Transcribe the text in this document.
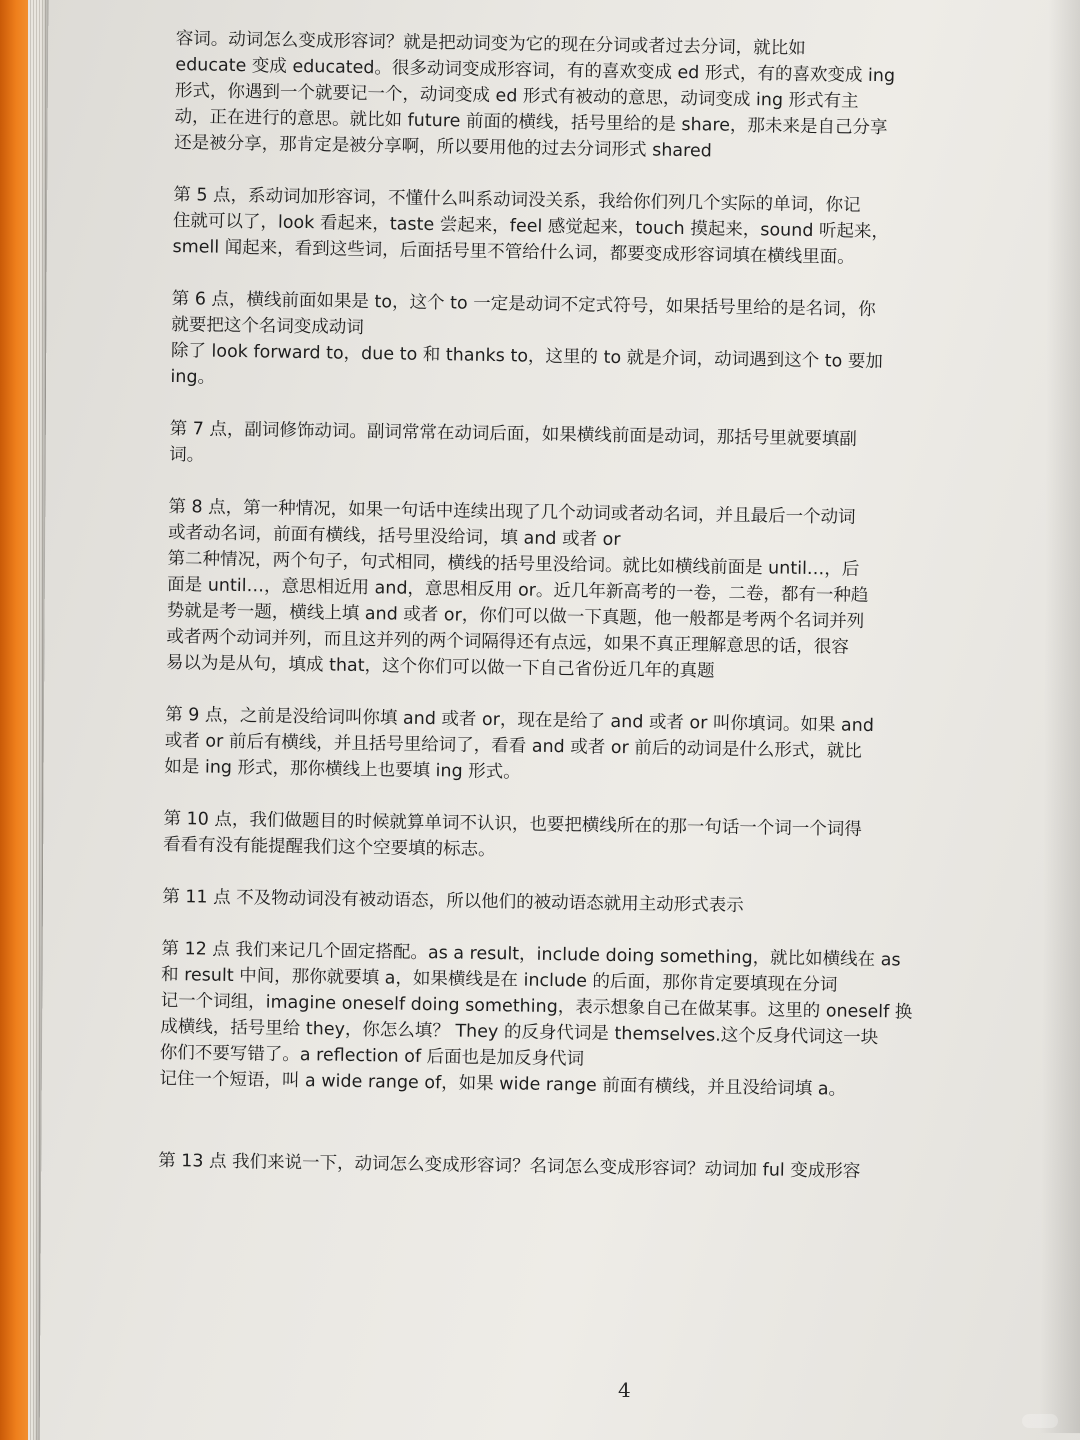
容词。动词怎么变成形容词？就是把动词变为它的现在分词或者过去分词，就比如
educate 变成 educated。很多动词变成形容词，有的喜欢变成 ed 形式，有的喜欢变成 ing
形式，你遇到一个就要记一个，动词变成 ed 形式有被动的意思，动词变成 ing 形式有主
动，正在进行的意思。就比如 future 前面的横线，括号里给的是 share，那未来是自己分享
还是被分享，那肯定是被分享啊，所以要用他的过去分词形式 shared
第 5 点，系动词加形容词，不懂什么叫系动词没关系，我给你们列几个实际的单词，你记
住就可以了，look 看起来，taste 尝起来，feel 感觉起来，touch 摸起来，sound 听起来，
smell 闻起来，看到这些词，后面括号里不管给什么词，都要变成形容词填在横线里面。
第 6 点，横线前面如果是 to，这个 to 一定是动词不定式符号，如果括号里给的是名词，你
就要把这个名词变成动词
除了 look forward to，due to 和 thanks to，这里的 to 就是介词，动词遇到这个 to 要加
ing。
第 7 点，副词修饰动词。副词常常在动词后面，如果横线前面是动词，那括号里就要填副
词。
第 8 点，第一种情况，如果一句话中连续出现了几个动词或者动名词，并且最后一个动词
或者动名词，前面有横线，括号里没给词，填 and 或者 or
第二种情况，两个句子，句式相同，横线的括号里没给词。就比如横线前面是 until…，后
面是 until…，意思相近用 and，意思相反用 or。近几年新高考的一卷，二卷，都有一种趋
势就是考一题，横线上填 and 或者 or，你们可以做一下真题，他一般都是考两个名词并列
或者两个动词并列，而且这并列的两个词隔得还有点远，如果不真正理解意思的话，很容
易以为是从句，填成 that，这个你们可以做一下自己省份近几年的真题
第 9 点，之前是没给词叫你填 and 或者 or，现在是给了 and 或者 or 叫你填词。如果 and
或者 or 前后有横线，并且括号里给词了，看看 and 或者 or 前后的动词是什么形式，就比
如是 ing 形式，那你横线上也要填 ing 形式。
第 10 点，我们做题目的时候就算单词不认识，也要把横线所在的那一句话一个词一个词得
看看有没有能提醒我们这个空要填的标志。
第 11 点 不及物动词没有被动语态，所以他们的被动语态就用主动形式表示
第 12 点 我们来记几个固定搭配。as a result，include doing something，就比如横线在 as
和 result 中间，那你就要填 a，如果横线是在 include 的后面，那你肯定要填现在分词
记一个词组，imagine oneself doing something，表示想象自己在做某事。这里的 oneself 换
成横线，括号里给 they，你怎么填？ They 的反身代词是 themselves.这个反身代词这一块
你们不要写错了。a reflection of 后面也是加反身代词
记住一个短语，叫 a wide range of，如果 wide range 前面有横线，并且没给词填 a。
第 13 点 我们来说一下，动词怎么变成形容词？名词怎么变成形容词？动词加 ful 变成形容
4
